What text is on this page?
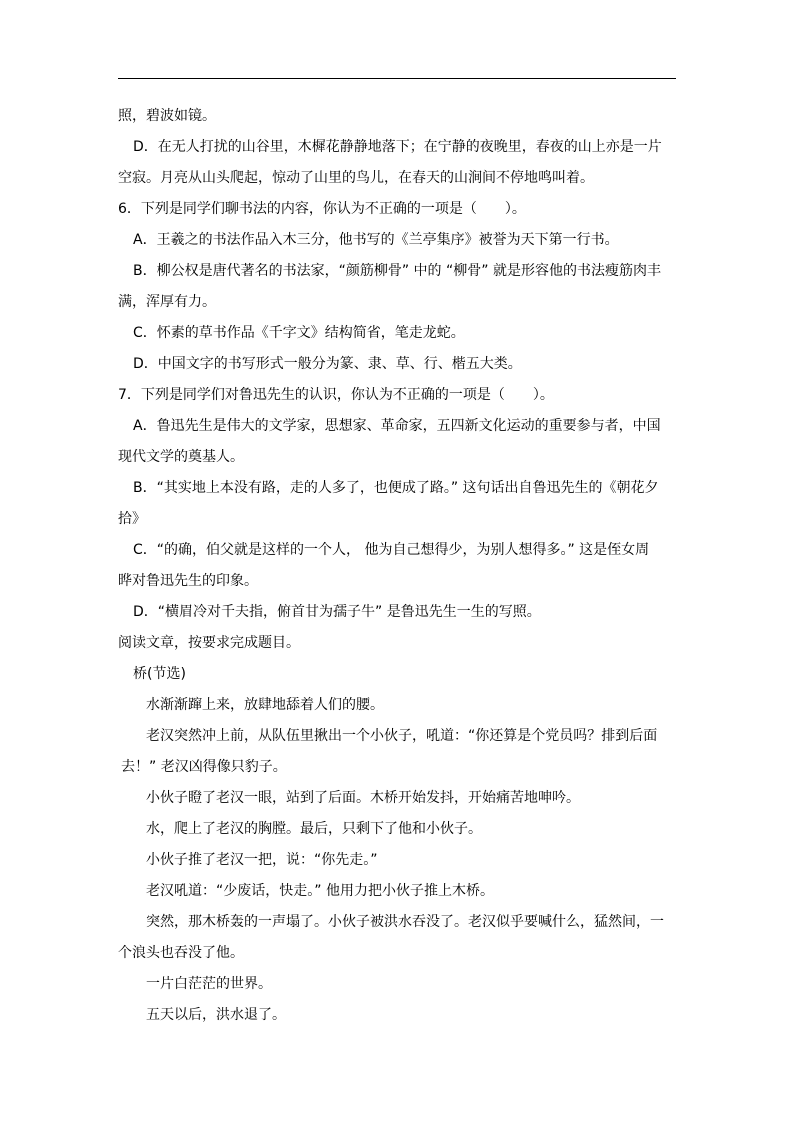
照，碧波如镜。
D．在无人打扰的山谷里，木樨花静静地落下；在宁静的夜晚里，春夜的山上亦是一片
空寂。月亮从山头爬起，惊动了山里的鸟儿，在春天的山涧间不停地鸣叫着。
6．下列是同学们聊书法的内容，你认为不正确的一项是（　　）。
A．王羲之的书法作品入木三分，他书写的《兰亭集序》被誉为天下第一行书。
B．柳公权是唐代著名的书法家，“颜筋柳骨” 中的 “柳骨” 就是形容他的书法瘦筋肉丰
满，浑厚有力。
C．怀素的草书作品《千字文》结构简省，笔走龙蛇。
D．中国文字的书写形式一般分为篆、隶、草、行、楷五大类。
7．下列是同学们对鲁迅先生的认识，你认为不正确的一项是（　　）。
A．鲁迅先生是伟大的文学家，思想家、革命家，五四新文化运动的重要参与者，中国
现代文学的奠基人。
B．“其实地上本没有路，走的人多了，也便成了路。” 这句话出自鲁迅先生的《朝花夕
拾》
C．“的确，伯父就是这样的一个人， 他为自己想得少，为别人想得多。” 这是侄女周
晔对鲁迅先生的印象。
D．“横眉冷对千夫指，俯首甘为孺子牛” 是鲁迅先生一生的写照。
阅读文章，按要求完成题目。
桥(节选)
水渐渐蹿上来，放肆地舔着人们的腰。
老汉突然冲上前，从队伍里揪出一个小伙子，吼道：“你还算是个党员吗？排到后面
去！” 老汉凶得像只豹子。
小伙子瞪了老汉一眼，站到了后面。木桥开始发抖，开始痛苦地呻吟。
水，爬上了老汉的胸膛。最后，只剩下了他和小伙子。
小伙子推了老汉一把，说：“你先走。”
老汉吼道：“少废话，快走。” 他用力把小伙子推上木桥。
突然，那木桥轰的一声塌了。小伙子被洪水吞没了。老汉似乎要喊什么，猛然间，一
个浪头也吞没了他。
一片白茫茫的世界。
五天以后，洪水退了。
